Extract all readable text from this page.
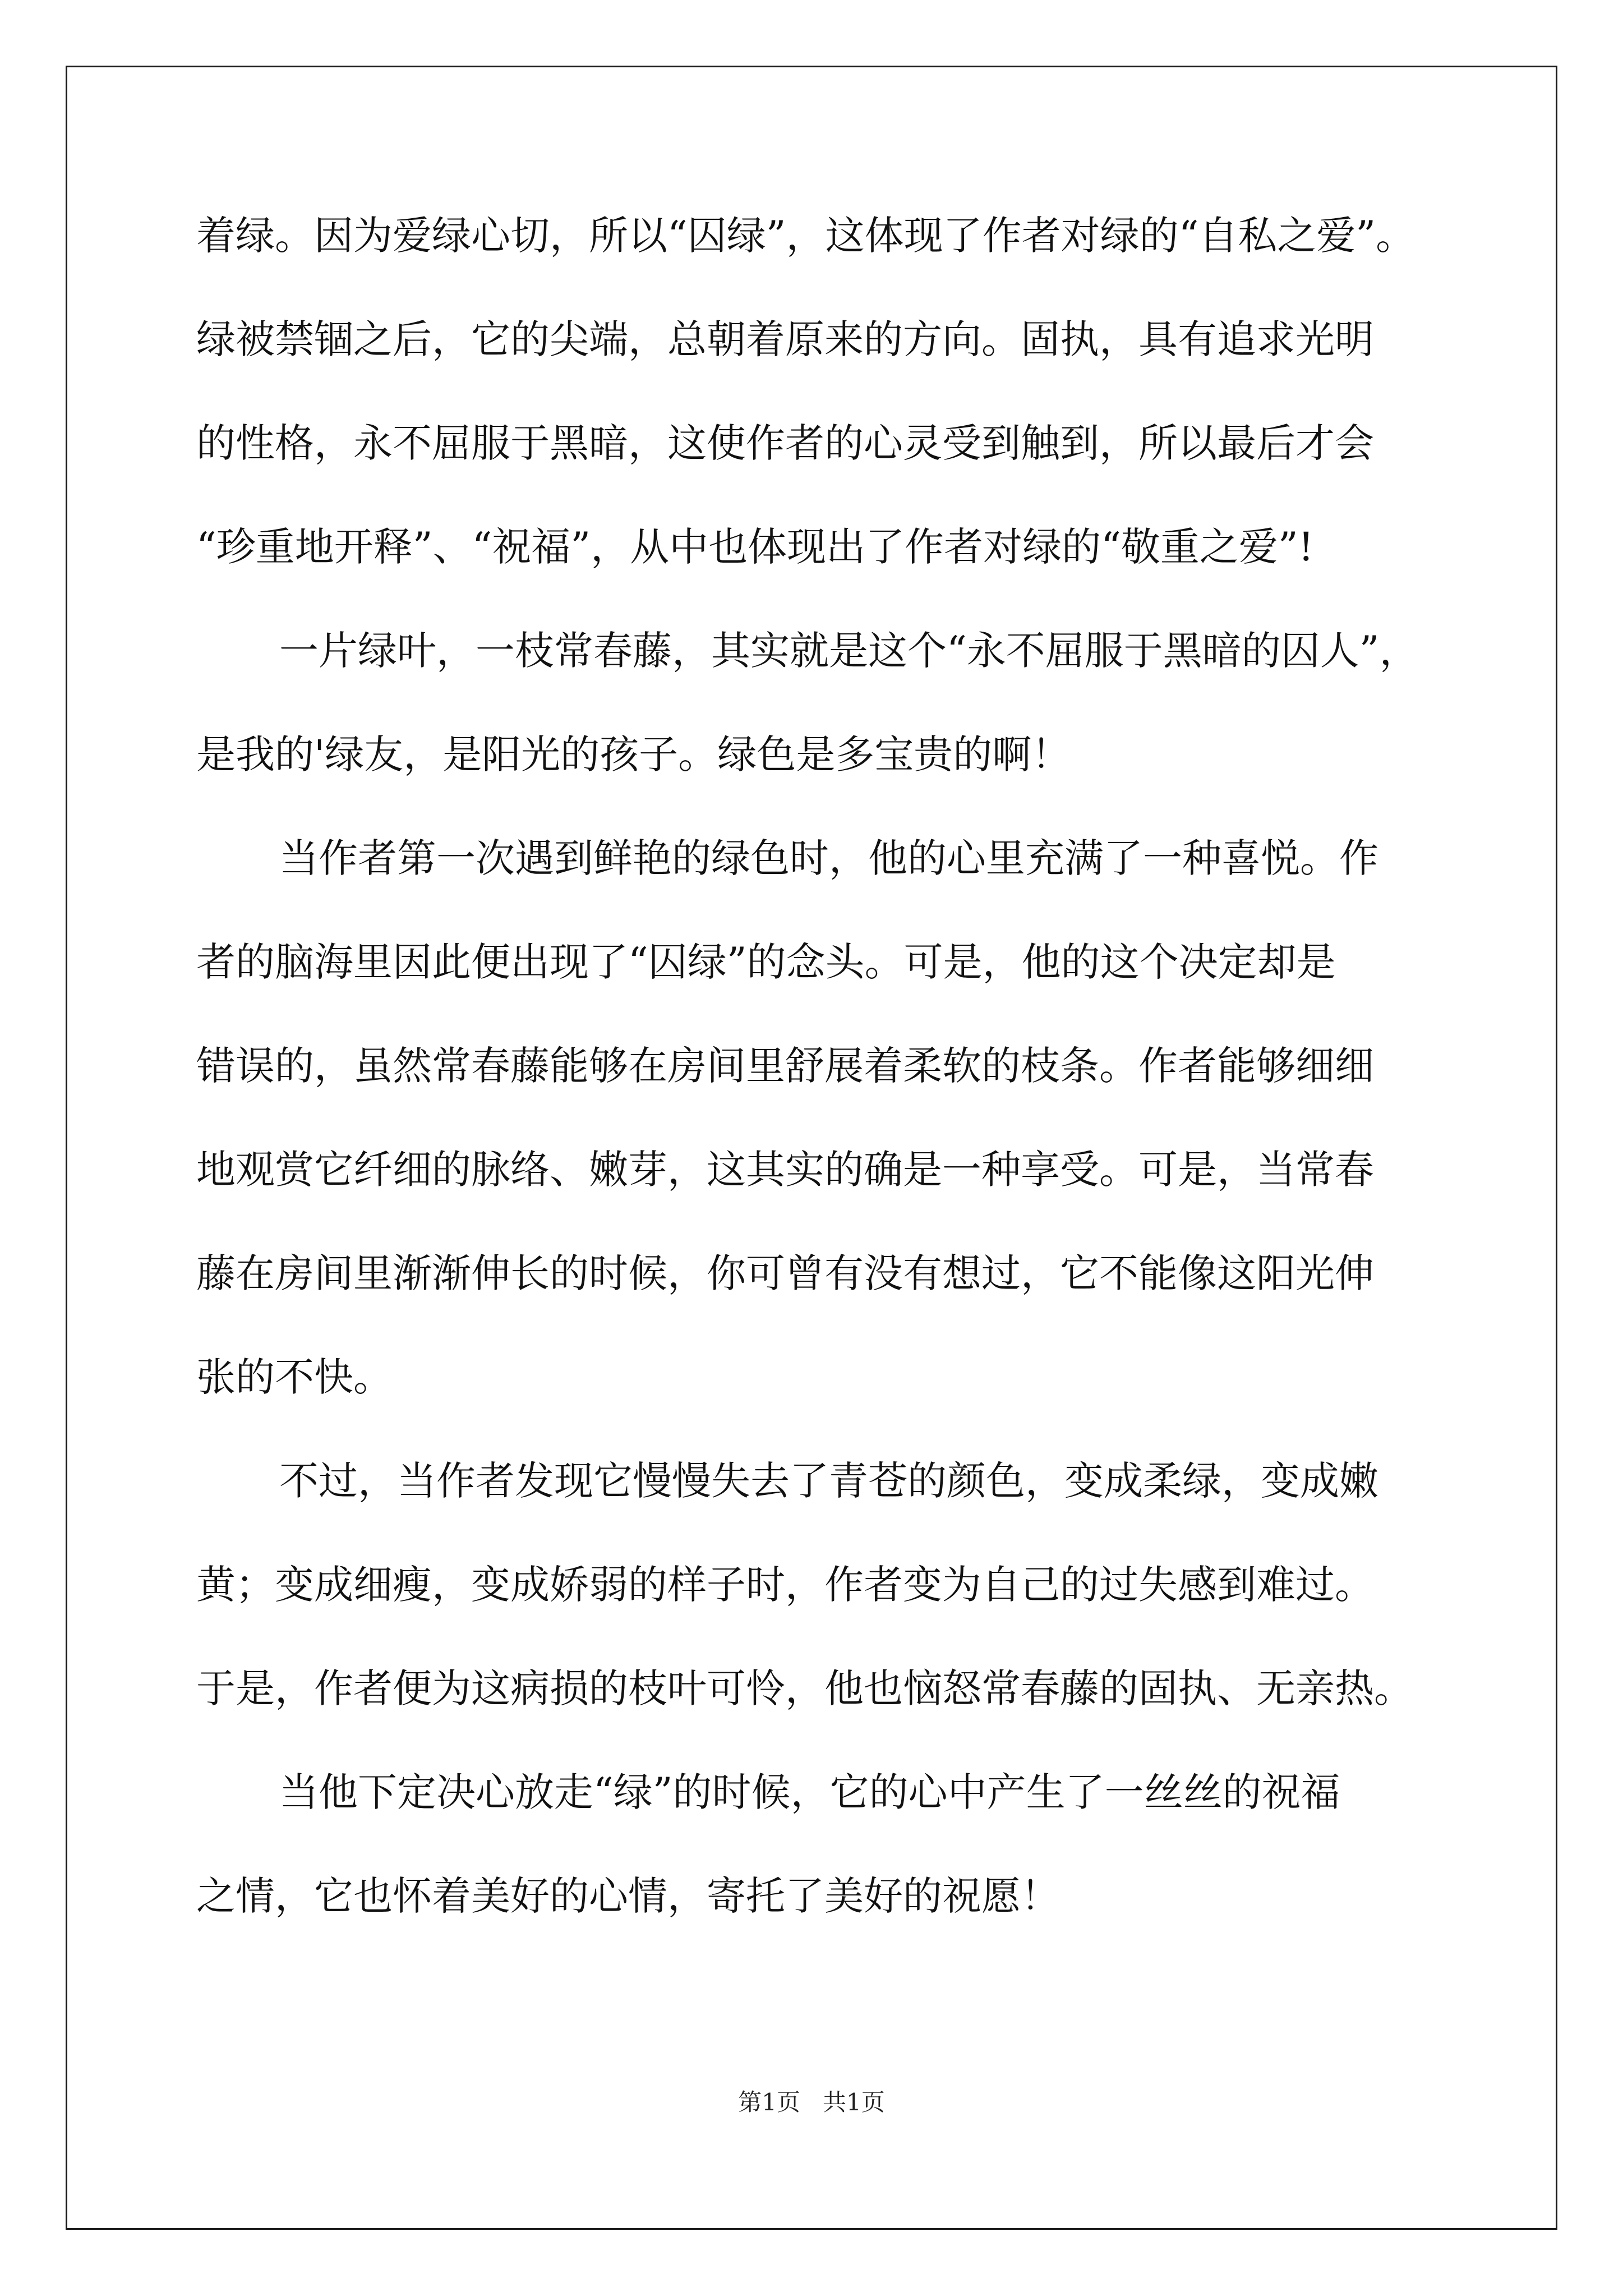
着绿。因为爱绿心切，所以“囚绿”，这体现了作者对绿的“自私之爱”。
绿被禁锢之后，它的尖端，总朝着原来的方向。固执，具有追求光明
的性格，永不屈服于黑暗，这使作者的心灵受到触到，所以最后才会
“珍重地开释”、“祝福”，从中也体现出了作者对绿的“敬重之爱”!
一片绿叶，一枝常春藤，其实就是这个“永不屈服于黑暗的囚人”，
是我的'绿友，是阳光的孩子。绿色是多宝贵的啊！
当作者第一次遇到鲜艳的绿色时，他的心里充满了一种喜悦。作
者的脑海里因此便出现了“囚绿”的念头。可是，他的这个决定却是
错误的，虽然常春藤能够在房间里舒展着柔软的枝条。作者能够细细
地观赏它纤细的脉络、嫩芽，这其实的确是一种享受。可是，当常春
藤在房间里渐渐伸长的时候，你可曾有没有想过，它不能像这阳光伸
张的不快。
不过，当作者发现它慢慢失去了青苍的颜色，变成柔绿，变成嫩
黄；变成细瘦，变成娇弱的样子时，作者变为自己的过失感到难过。
于是，作者便为这病损的枝叶可怜，他也恼怒常春藤的固执、无亲热。
当他下定决心放走“绿”的时候，它的心中产生了一丝丝的祝福
之情，它也怀着美好的心情，寄托了美好的祝愿！
第1页   共1页
